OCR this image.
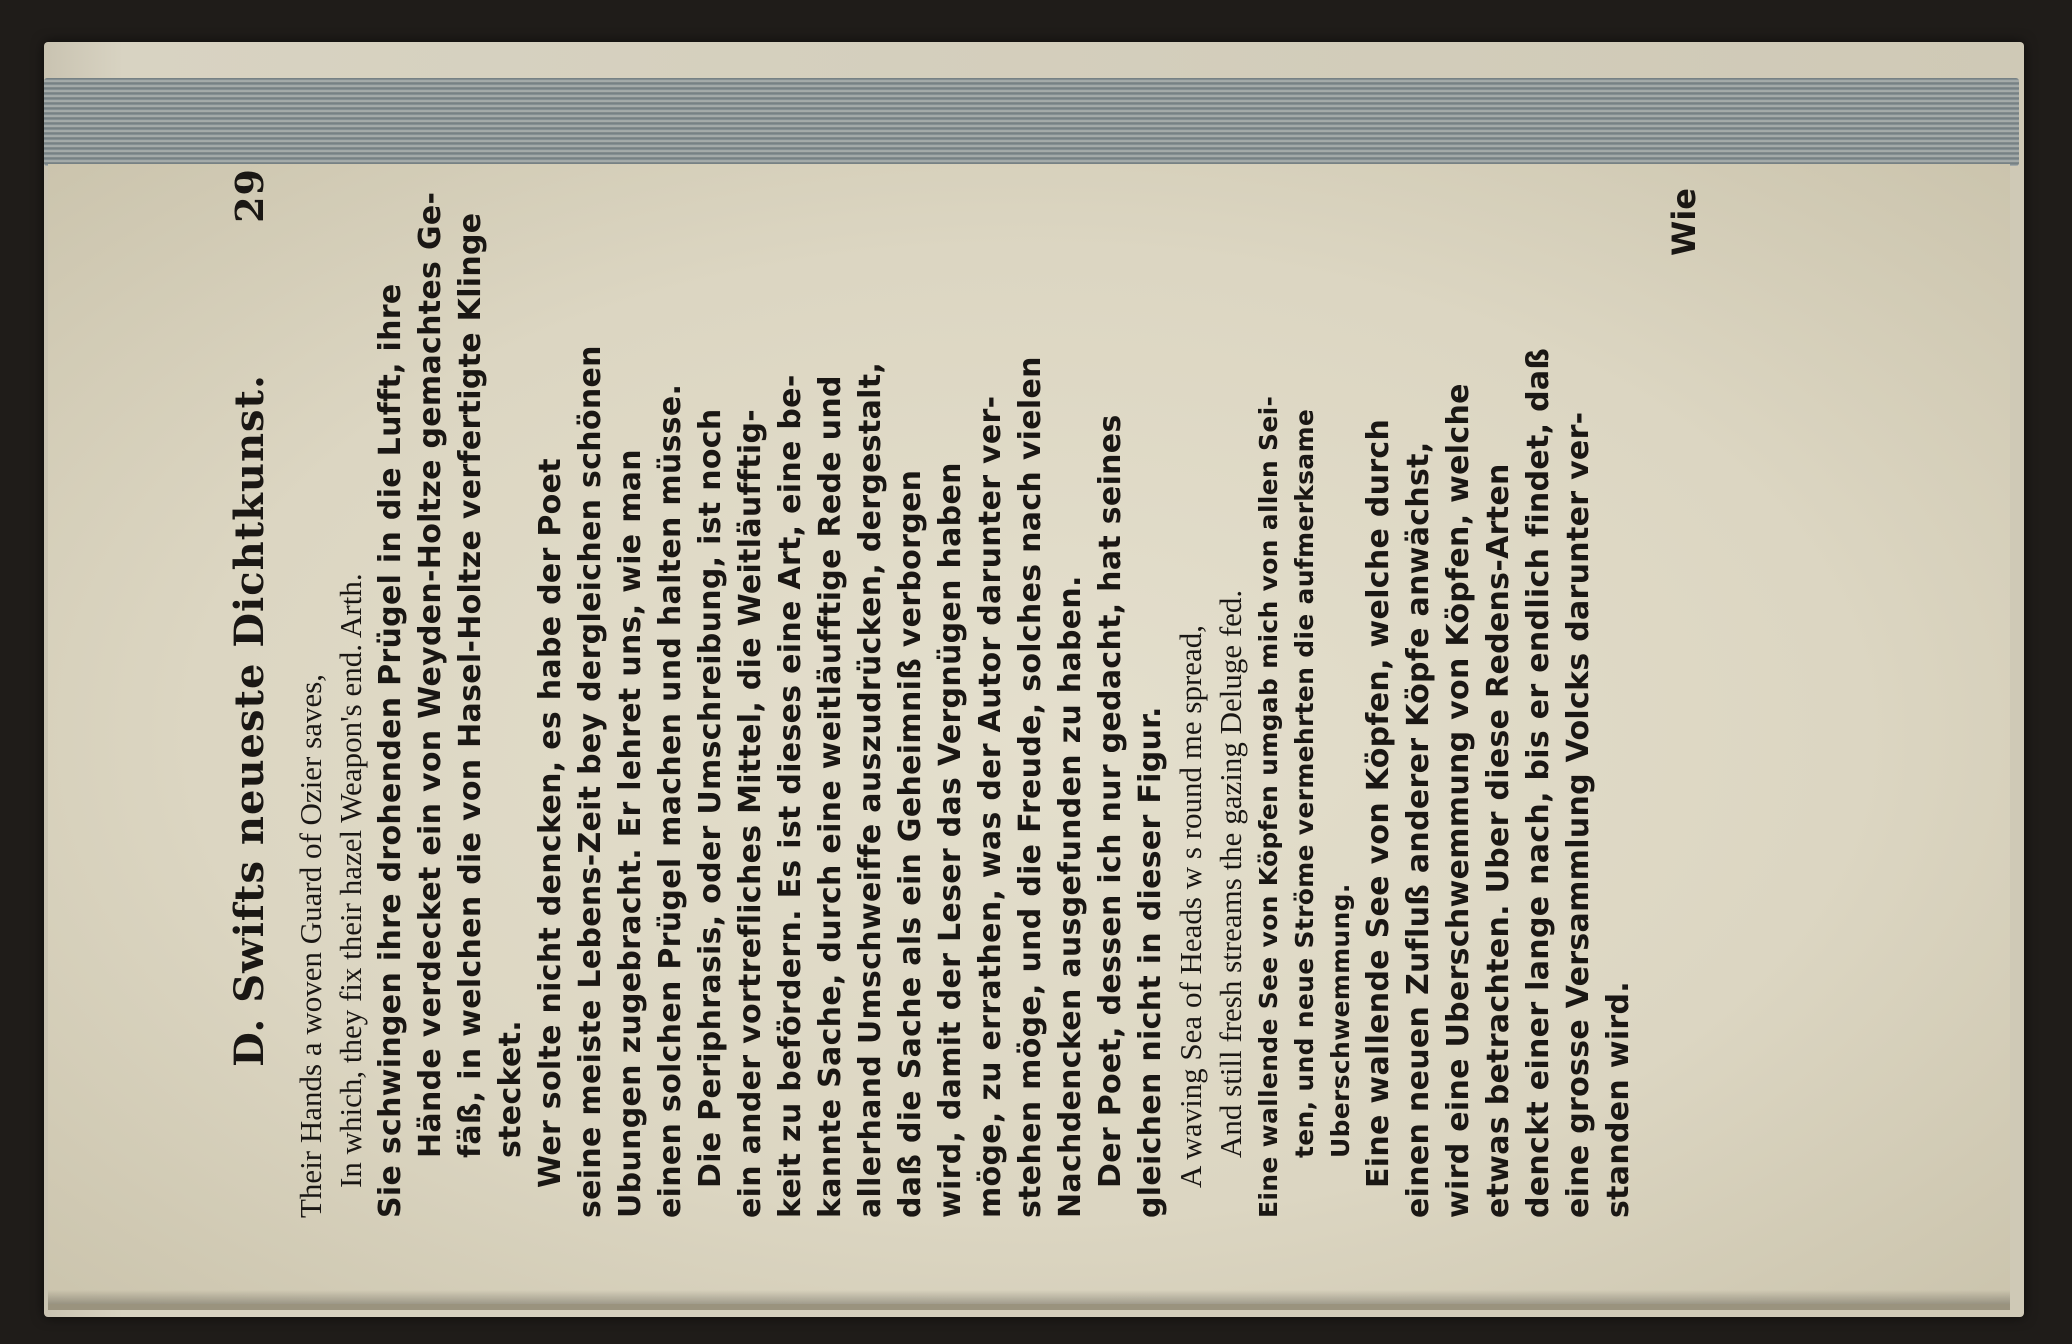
D. Swifts neueste Dichtkunst.
29
Their Hands a woven Guard of Ozier saves, In which, they fix their hazel Weapon's end. Arth. Sie schwingen ihre drohenden Prügel in die Lufft, ihre Hände verdecket ein von Weyden-Holtze gemachtes Ge- fäß, in welchen die von Hasel-Holtze verfertigte Klinge stecket. Wer solte nicht dencken, es habe der Poet seine meiste Lebens-Zeit bey dergleichen schönen Ubungen zugebracht. Er lehret uns, wie man einen solchen Prügel machen und halten müsse. Die Periphrasis, oder Umschreibung, ist noch ein ander vortrefliches Mittel, die Weitläufftig- keit zu befördern. Es ist dieses eine Art, eine be- kannte Sache, durch eine weitläufftige Rede und allerhand Umschweiffe auszudrücken, dergestalt, daß die Sache als ein Geheimniß verborgen wird, damit der Leser das Vergnügen haben möge, zu errathen, was der Autor darunter ver- stehen möge, und die Freude, solches nach vielen Nachdencken ausgefunden zu haben. Der Poet, dessen ich nur gedacht, hat seines gleichen nicht in dieser Figur. A waving Sea of Heads w s round me spread, And still fresh streams the gazing Deluge fed. Eine wallende See von Köpfen umgab mich von allen Sei- ten, und neue Ströme vermehrten die aufmerksame Uberschwemmung. Eine wallende See von Köpfen, welche durch einen neuen Zufluß anderer Köpfe anwächst, wird eine Uberschwemmung von Köpfen, welche etwas betrachten. Uber diese Redens-Arten denckt einer lange nach, bis er endlich findet, daß eine grosse Versammlung Volcks darunter ver- standen wird.
Wie
